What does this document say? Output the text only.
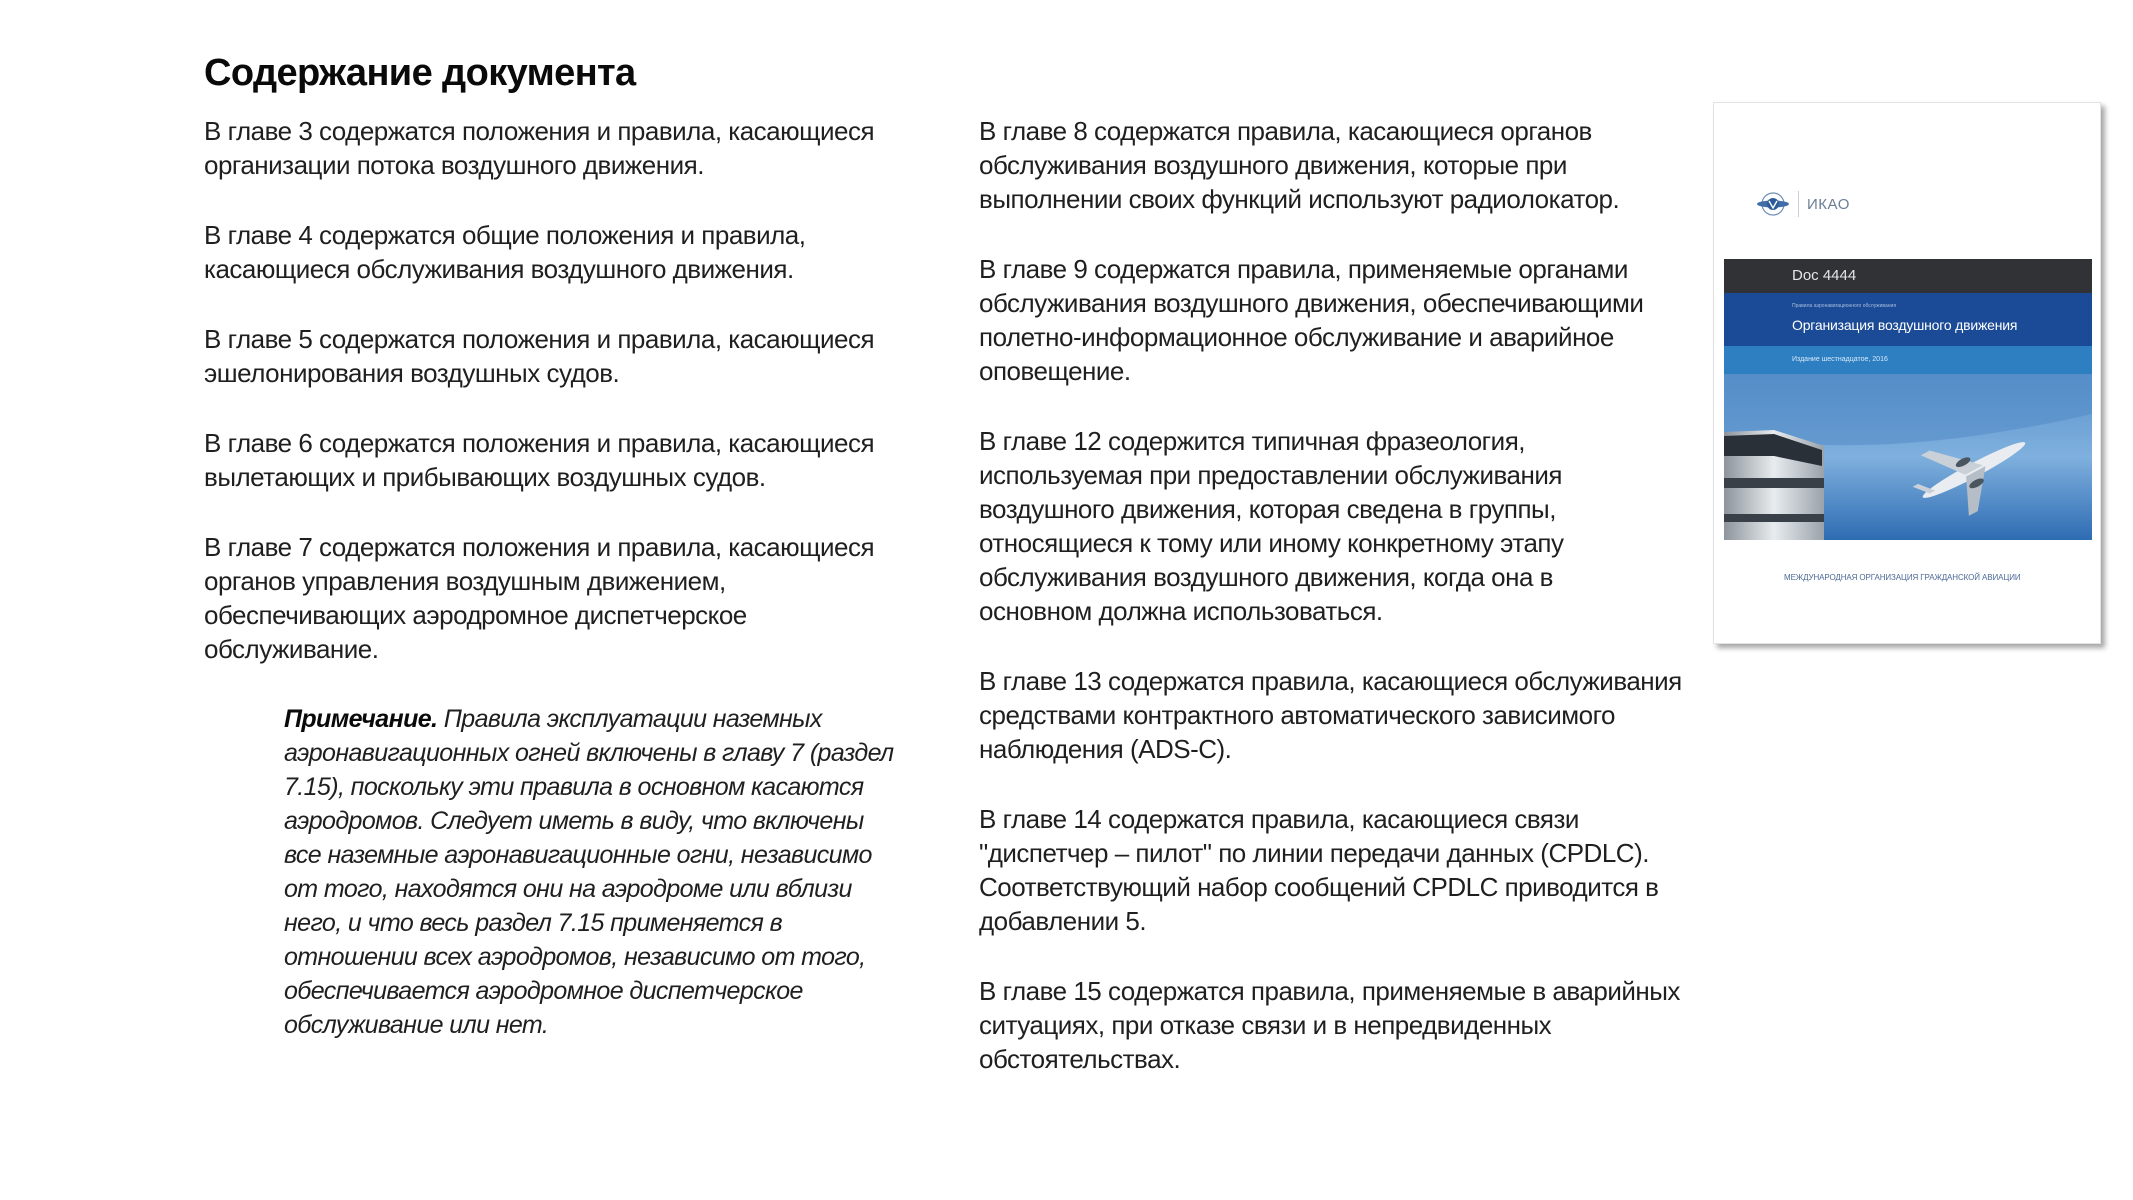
Содержание документа

В главе 3 содержатся положения и правила, касающиеся
организации потока воздушного движения.

В главе 4 содержатся общие положения и правила,
касающиеся обслуживания воздушного движения.

В главе 5 содержатся положения и правила, касающиеся
эшелонирования воздушных судов.

В главе 6 содержатся положения и правила, касающиеся
вылетающих и прибывающих воздушных судов.

В главе 7 содержатся положения и правила, касающиеся
органов управления воздушным движением,
обеспечивающих аэродромное диспетчерское
обслуживание.

Примечание. Правила эксплуатации наземных
аэронавигационных огней включены в главу 7 (раздел
7.15), поскольку эти правила в основном касаются
аэродромов. Следует иметь в виду, что включены
все наземные аэронавигационные огни, независимо
от того, находятся они на аэродроме или вблизи
него, и что весь раздел 7.15 применяется в
отношении всех аэродромов, независимо от того,
обеспечивается аэродромное диспетчерское
обслуживание или нет.

В главе 8 содержатся правила, касающиеся органов
обслуживания воздушного движения, которые при
выполнении своих функций используют радиолокатор.

В главе 9 содержатся правила, применяемые органами
обслуживания воздушного движения, обеспечивающими
полетно-информационное обслуживание и аварийное
оповещение.

В главе 12 содержится типичная фразеология,
используемая при предоставлении обслуживания
воздушного движения, которая сведена в группы,
относящиеся к тому или иному конкретному этапу
обслуживания воздушного движения, когда она в
основном должна использоваться.

В главе 13 содержатся правила, касающиеся обслуживания
средствами контрактного автоматического зависимого
наблюдения (ADS-C).

В главе 14 содержатся правила, касающиеся связи
"диспетчер – пилот" по линии передачи данных (CPDLC).
Соответствующий набор сообщений CPDLC приводится в
добавлении 5.

В главе 15 содержатся правила, применяемые в аварийных
ситуациях, при отказе связи и в непредвиденных
обстоятельствах.

ИКАО
Doc 4444
Правила аэронавигационного обслуживания
Организация воздушного движения
Издание шестнадцатое, 2016
МЕЖДУНАРОДНАЯ ОРГАНИЗАЦИЯ ГРАЖДАНСКОЙ АВИАЦИИ
